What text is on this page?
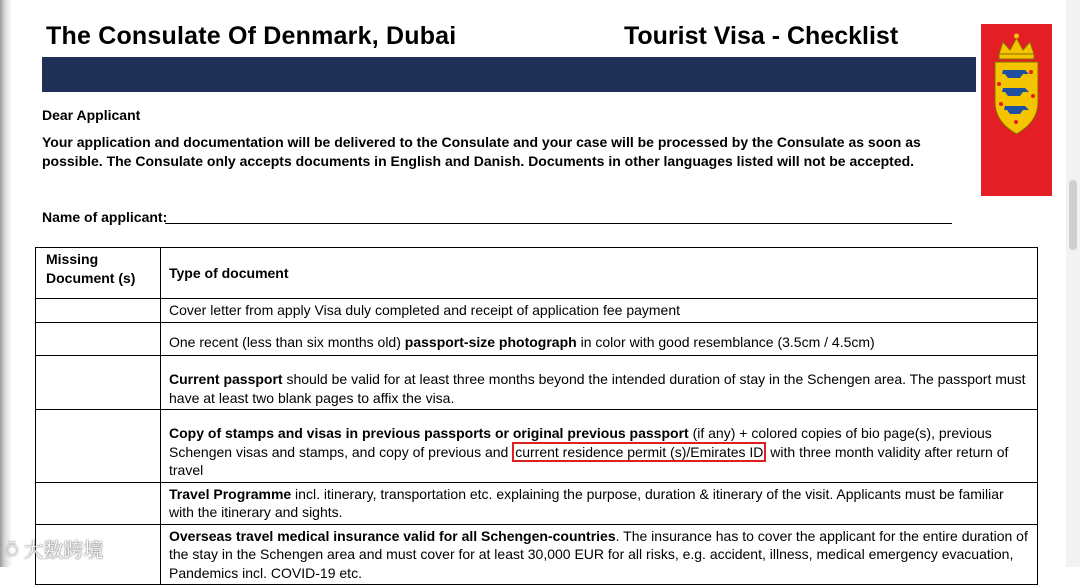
The Consulate Of Denmark, Dubai	Tourist Visa - Checklist
Dear Applicant
Your application and documentation will be delivered to the Consulate and your case will be processed by the Consulate as soon as possible. The Consulate only accepts documents in English and Danish. Documents in other languages listed will not be accepted.
Name of applicant:
Missing Document (s)	Type of document
	Cover letter from apply Visa duly completed and receipt of application fee payment
	One recent (less than six months old) passport-size photograph in color with good resemblance (3.5cm / 4.5cm)
	Current passport should be valid for at least three months beyond the intended duration of stay in the Schengen area. The passport must have at least two blank pages to affix the visa.
	Copy of stamps and visas in previous passports or original previous passport (if any) + colored copies of bio page(s), previous Schengen visas and stamps, and copy of previous and current residence permit (s)/Emirates ID with three month validity after return of travel
	Travel Programme incl. itinerary, transportation etc. explaining the purpose, duration & itinerary of the visit. Applicants must be familiar with the itinerary and sights.
	Overseas travel medical insurance valid for all Schengen-countries. The insurance has to cover the applicant for the entire duration of the stay in the Schengen area and must cover for at least 30,000 EUR for all risks, e.g. accident, illness, medical emergency evacuation, Pandemics incl. COVID-19 etc.
⍥ 大数跨境
